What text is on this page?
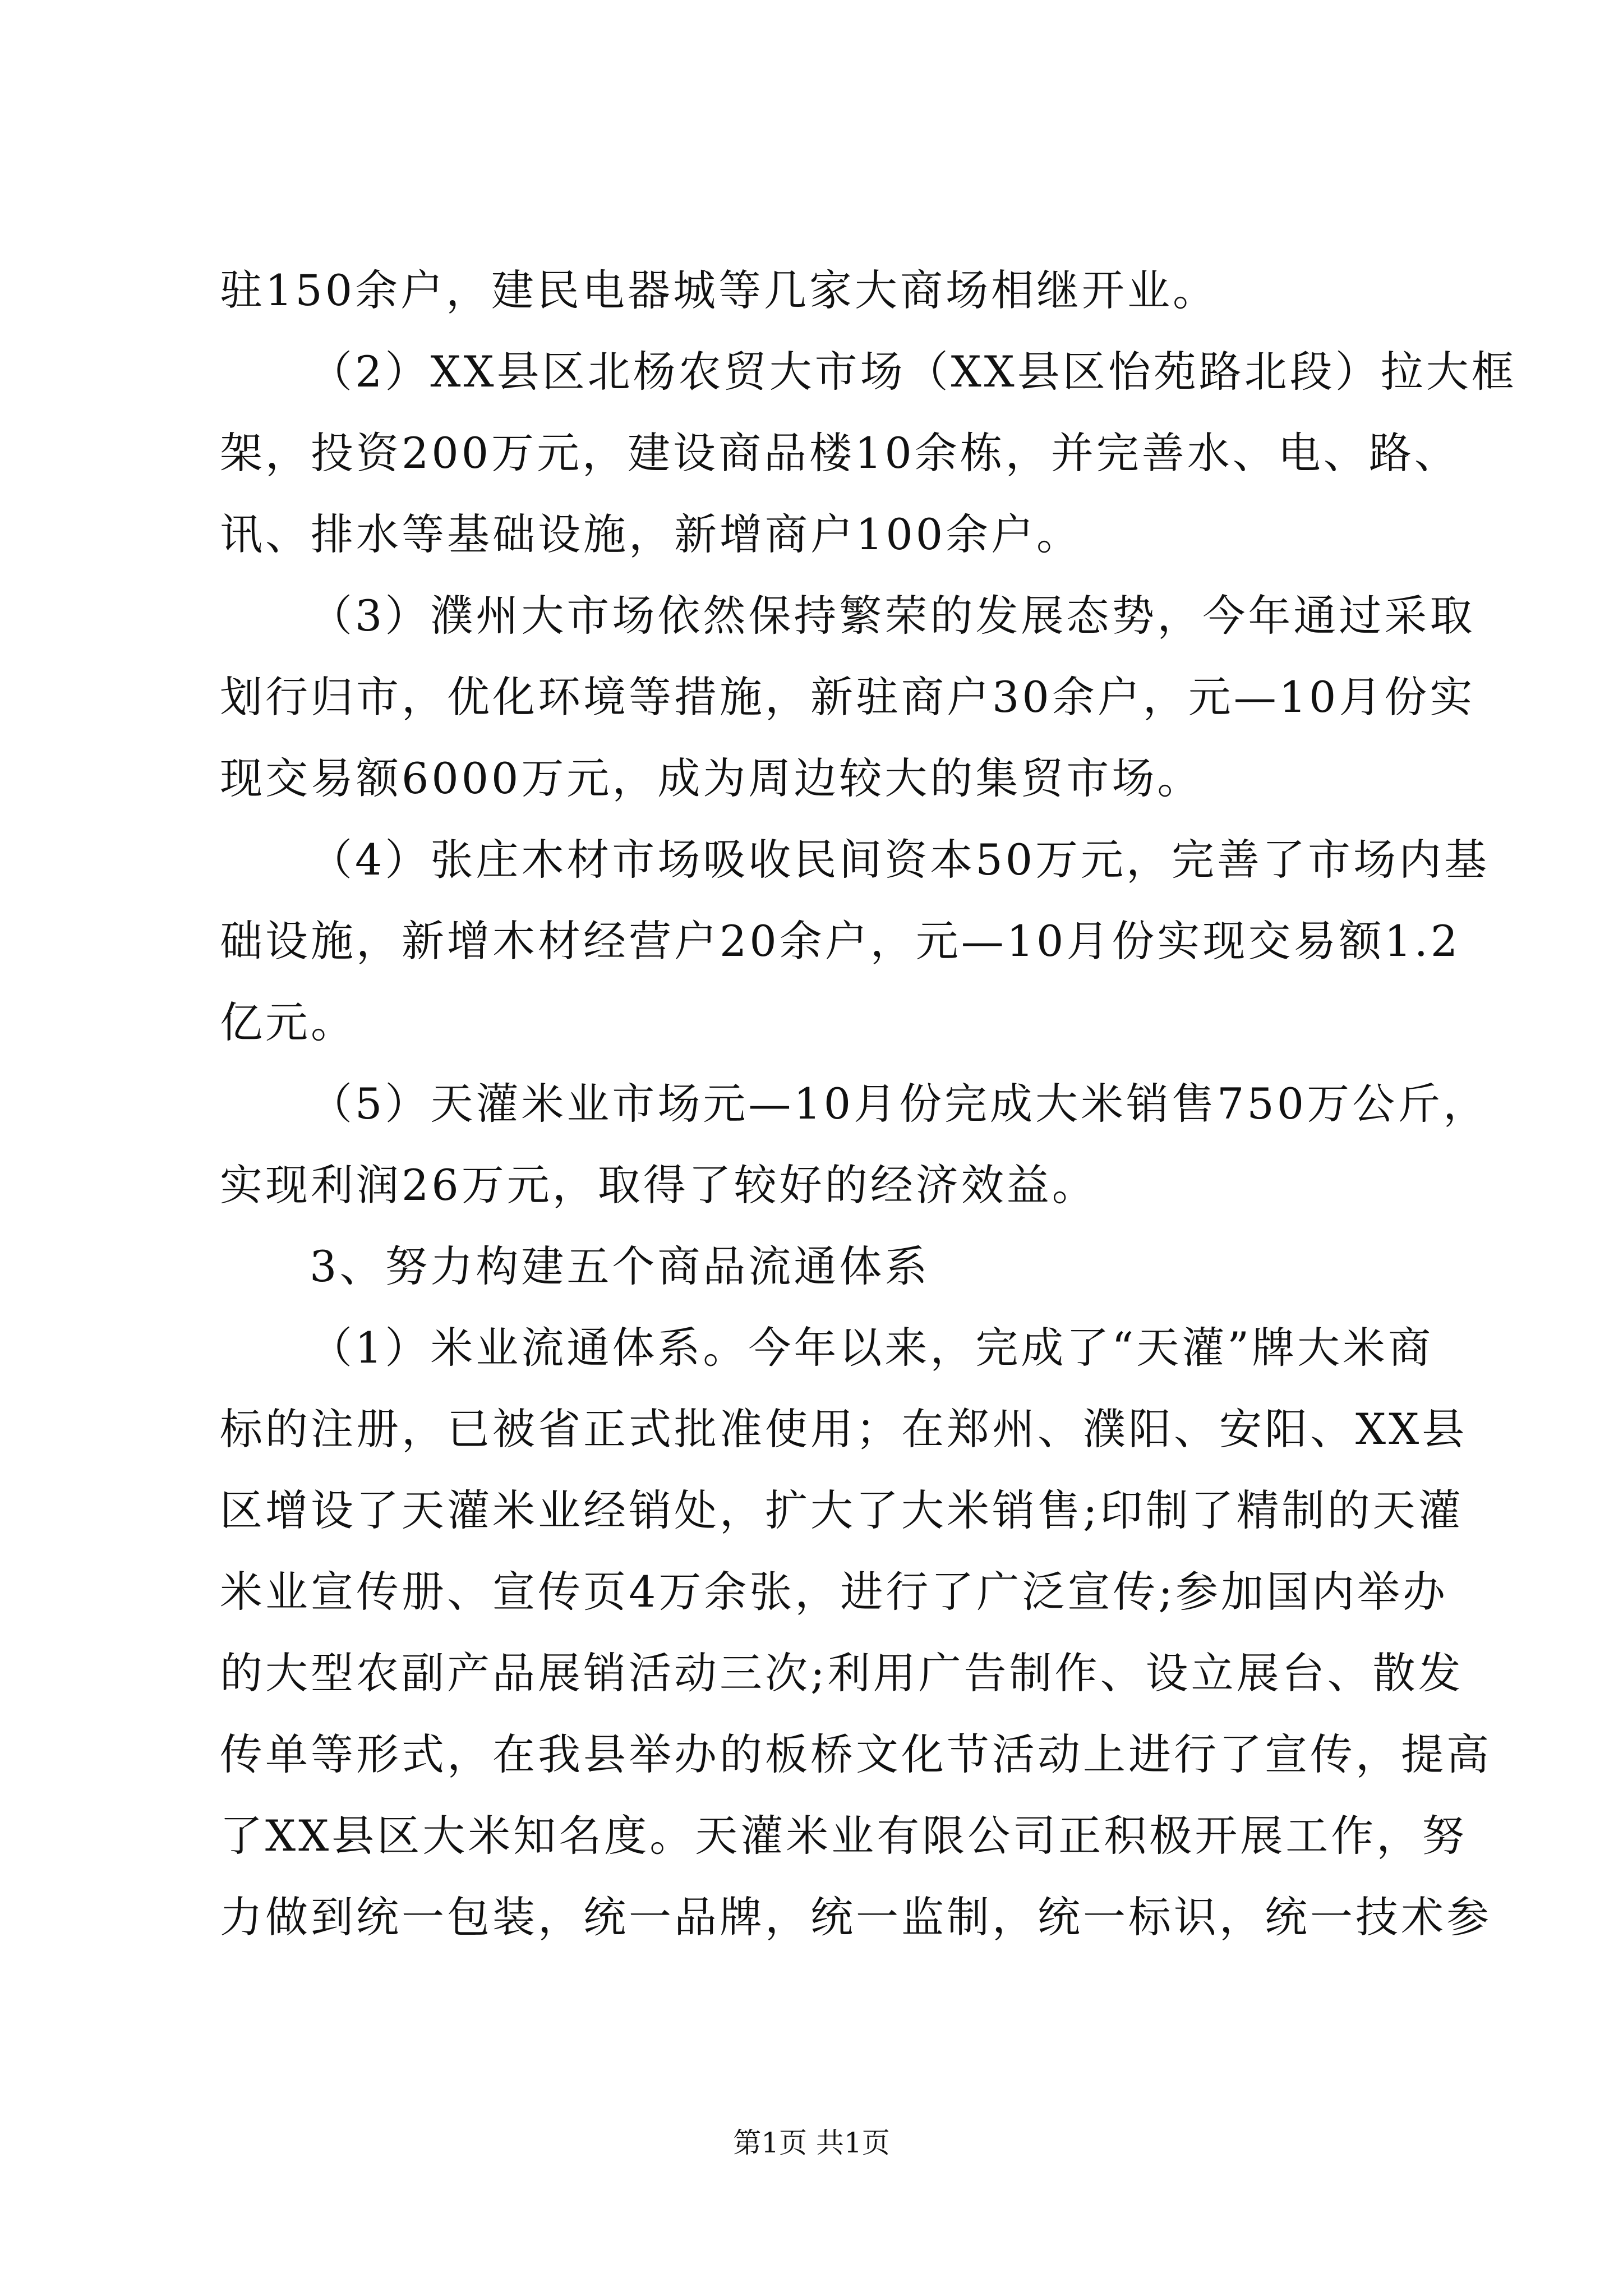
驻150余户，建民电器城等几家大商场相继开业。
（2）XX县区北杨农贸大市场（XX县区怡苑路北段）拉大框
架，投资200万元，建设商品楼10余栋，并完善水、电、路、
讯、排水等基础设施，新增商户100余户。
（3）濮州大市场依然保持繁荣的发展态势，今年通过采取
划行归市，优化环境等措施，新驻商户30余户，元—10月份实
现交易额6000万元，成为周边较大的集贸市场。
（4）张庄木材市场吸收民间资本50万元，完善了市场内基
础设施，新增木材经营户20余户，元—10月份实现交易额1.2
亿元。
（5）天灌米业市场元—10月份完成大米销售750万公斤，
实现利润26万元，取得了较好的经济效益。
3、努力构建五个商品流通体系
（1）米业流通体系。今年以来，完成了“天灌”牌大米商
标的注册，已被省正式批准使用；在郑州、濮阳、安阳、XX县
区增设了天灌米业经销处，扩大了大米销售;印制了精制的天灌
米业宣传册、宣传页4万余张，进行了广泛宣传;参加国内举办
的大型农副产品展销活动三次;利用广告制作、设立展台、散发
传单等形式，在我县举办的板桥文化节活动上进行了宣传，提高
了XX县区大米知名度。天灌米业有限公司正积极开展工作，努
力做到统一包装，统一品牌，统一监制，统一标识，统一技术参
第1页 共1页
